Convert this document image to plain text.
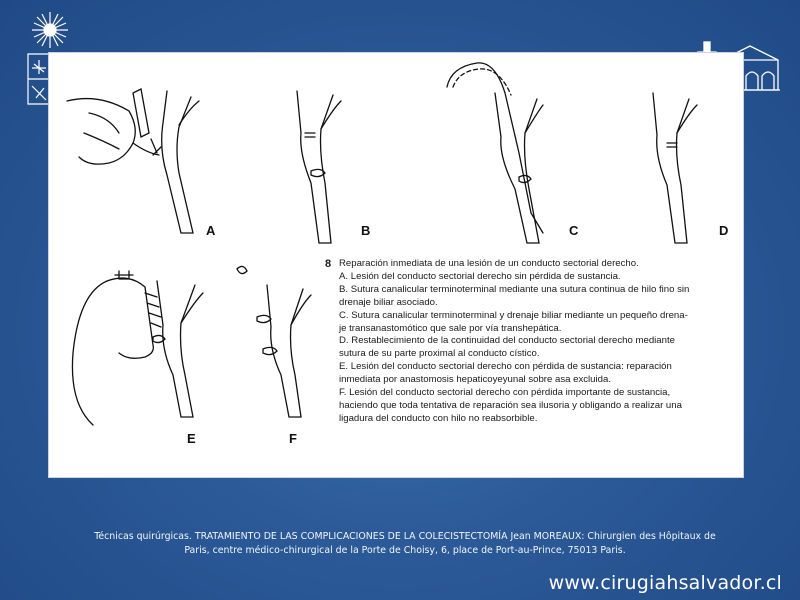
A	B	C	D
E	F
8 Reparación inmediata de una lesión de un conducto sectorial derecho.

A. Lesión del conducto sectorial derecho sin pérdida de sustancia.

B. Sutura canalicular terminoterminal mediante una sutura continua de hilo fino sin

drenaje biliar asociado.

C. Sutura canalicular terminoterminal y drenaje biliar mediante un pequeño drena-

je transanastomótico que sale por vía transhepática.

D. Restablecimiento de la continuidad del conducto sectorial derecho mediante

sutura de su parte proximal al conducto cístico.

E. Lesión del conducto sectorial derecho con pérdida de sustancia: reparación

inmediata por anastomosis hepaticoyeyunal sobre asa excluida.

F. Lesión del conducto sectorial derecho con pérdida importante de sustancia,

haciendo que toda tentativa de reparación sea ilusoria y obligando a realizar una

ligadura del conducto con hilo no reabsorbible.

Técnicas quirúrgicas. TRATAMIENTO DE LAS COMPLICACIONES DE LA COLECISTECTOMÍA Jean MOREAUX: Chirurgien des Hôpitaux de
Paris, centre médico-chirurgical de la Porte de Choisy, 6, place de Port-au-Prince, 75013 Paris.
www.cirugiahsalvador.cl
